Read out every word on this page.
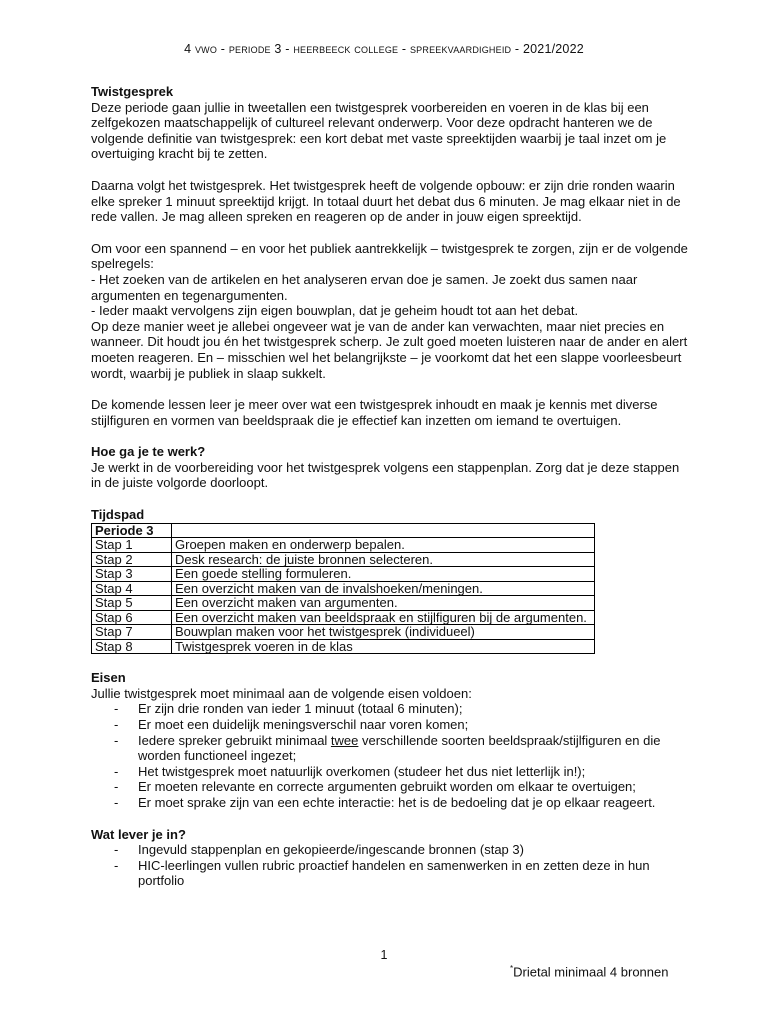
4 vwo - periode 3 - heerbeeck college - spreekvaardigheid - 2021/2022

Twistgesprek

Deze periode gaan jullie in tweetallen een twistgesprek voorbereiden en voeren in de klas bij een zelfgekozen maatschappelijk of cultureel relevant onderwerp. Voor deze opdracht hanteren we de volgende definitie van twistgesprek: een kort debat met vaste spreektijden waarbij je taal inzet om je overtuiging kracht bij te zetten.

Daarna volgt het twistgesprek. Het twistgesprek heeft de volgende opbouw: er zijn drie ronden waarin elke spreker 1 minuut spreektijd krijgt. In totaal duurt het debat dus 6 minuten. Je mag elkaar niet in de rede vallen. Je mag alleen spreken en reageren op de ander in jouw eigen spreektijd.

Om voor een spannend – en voor het publiek aantrekkelijk – twistgesprek te zorgen, zijn er de volgende spelregels:

- Het zoeken van de artikelen en het analyseren ervan doe je samen. Je zoekt dus samen naar argumenten en tegenargumenten.

- Ieder maakt vervolgens zijn eigen bouwplan, dat je geheim houdt tot aan het debat.

Op deze manier weet je allebei ongeveer wat je van de ander kan verwachten, maar niet precies en wanneer. Dit houdt jou én het twistgesprek scherp. Je zult goed moeten luisteren naar de ander en alert moeten reageren. En – misschien wel het belangrijkste – je voorkomt dat het een slappe voorleesbeurt wordt, waarbij je publiek in slaap sukkelt.

De komende lessen leer je meer over wat een twistgesprek inhoudt en maak je kennis met diverse stijlfiguren en vormen van beeldspraak die je effectief kan inzetten om iemand te overtuigen.

Hoe ga je te werk?

Je werkt in de voorbereiding voor het twistgesprek volgens een stappenplan. Zorg dat je deze stappen in de juiste volgorde doorloopt.

Tijdspad

Periode 3	
Stap 1	Groepen maken en onderwerp bepalen.
Stap 2	Desk research: de juiste bronnen selecteren.
Stap 3	Een goede stelling formuleren.
Stap 4	Een overzicht maken van de invalshoeken/meningen.
Stap 5	Een overzicht maken van argumenten.
Stap 6	Een overzicht maken van beeldspraak en stijlfiguren bij de argumenten.
Stap 7	Bouwplan maken voor het twistgesprek (individueel)
Stap 8	Twistgesprek voeren in de klas

Eisen

Jullie twistgesprek moet minimaal aan de volgende eisen voldoen:

- Er zijn drie ronden van ieder 1 minuut (totaal 6 minuten);
- Er moet een duidelijk meningsverschil naar voren komen;
- Iedere spreker gebruikt minimaal twee verschillende soorten beeldspraak/stijlfiguren en die worden functioneel ingezet;
- Het twistgesprek moet natuurlijk overkomen (studeer het dus niet letterlijk in!);
- Er moeten relevante en correcte argumenten gebruikt worden om elkaar te overtuigen;
- Er moet sprake zijn van een echte interactie: het is de bedoeling dat je op elkaar reageert.

Wat lever je in?

- Ingevuld stappenplan en gekopieerde/ingescande bronnen (stap 3)
- HIC-leerlingen vullen rubric proactief handelen en samenwerken in en zetten deze in hun portfolio
1
*Drietal minimaal 4 bronnen
